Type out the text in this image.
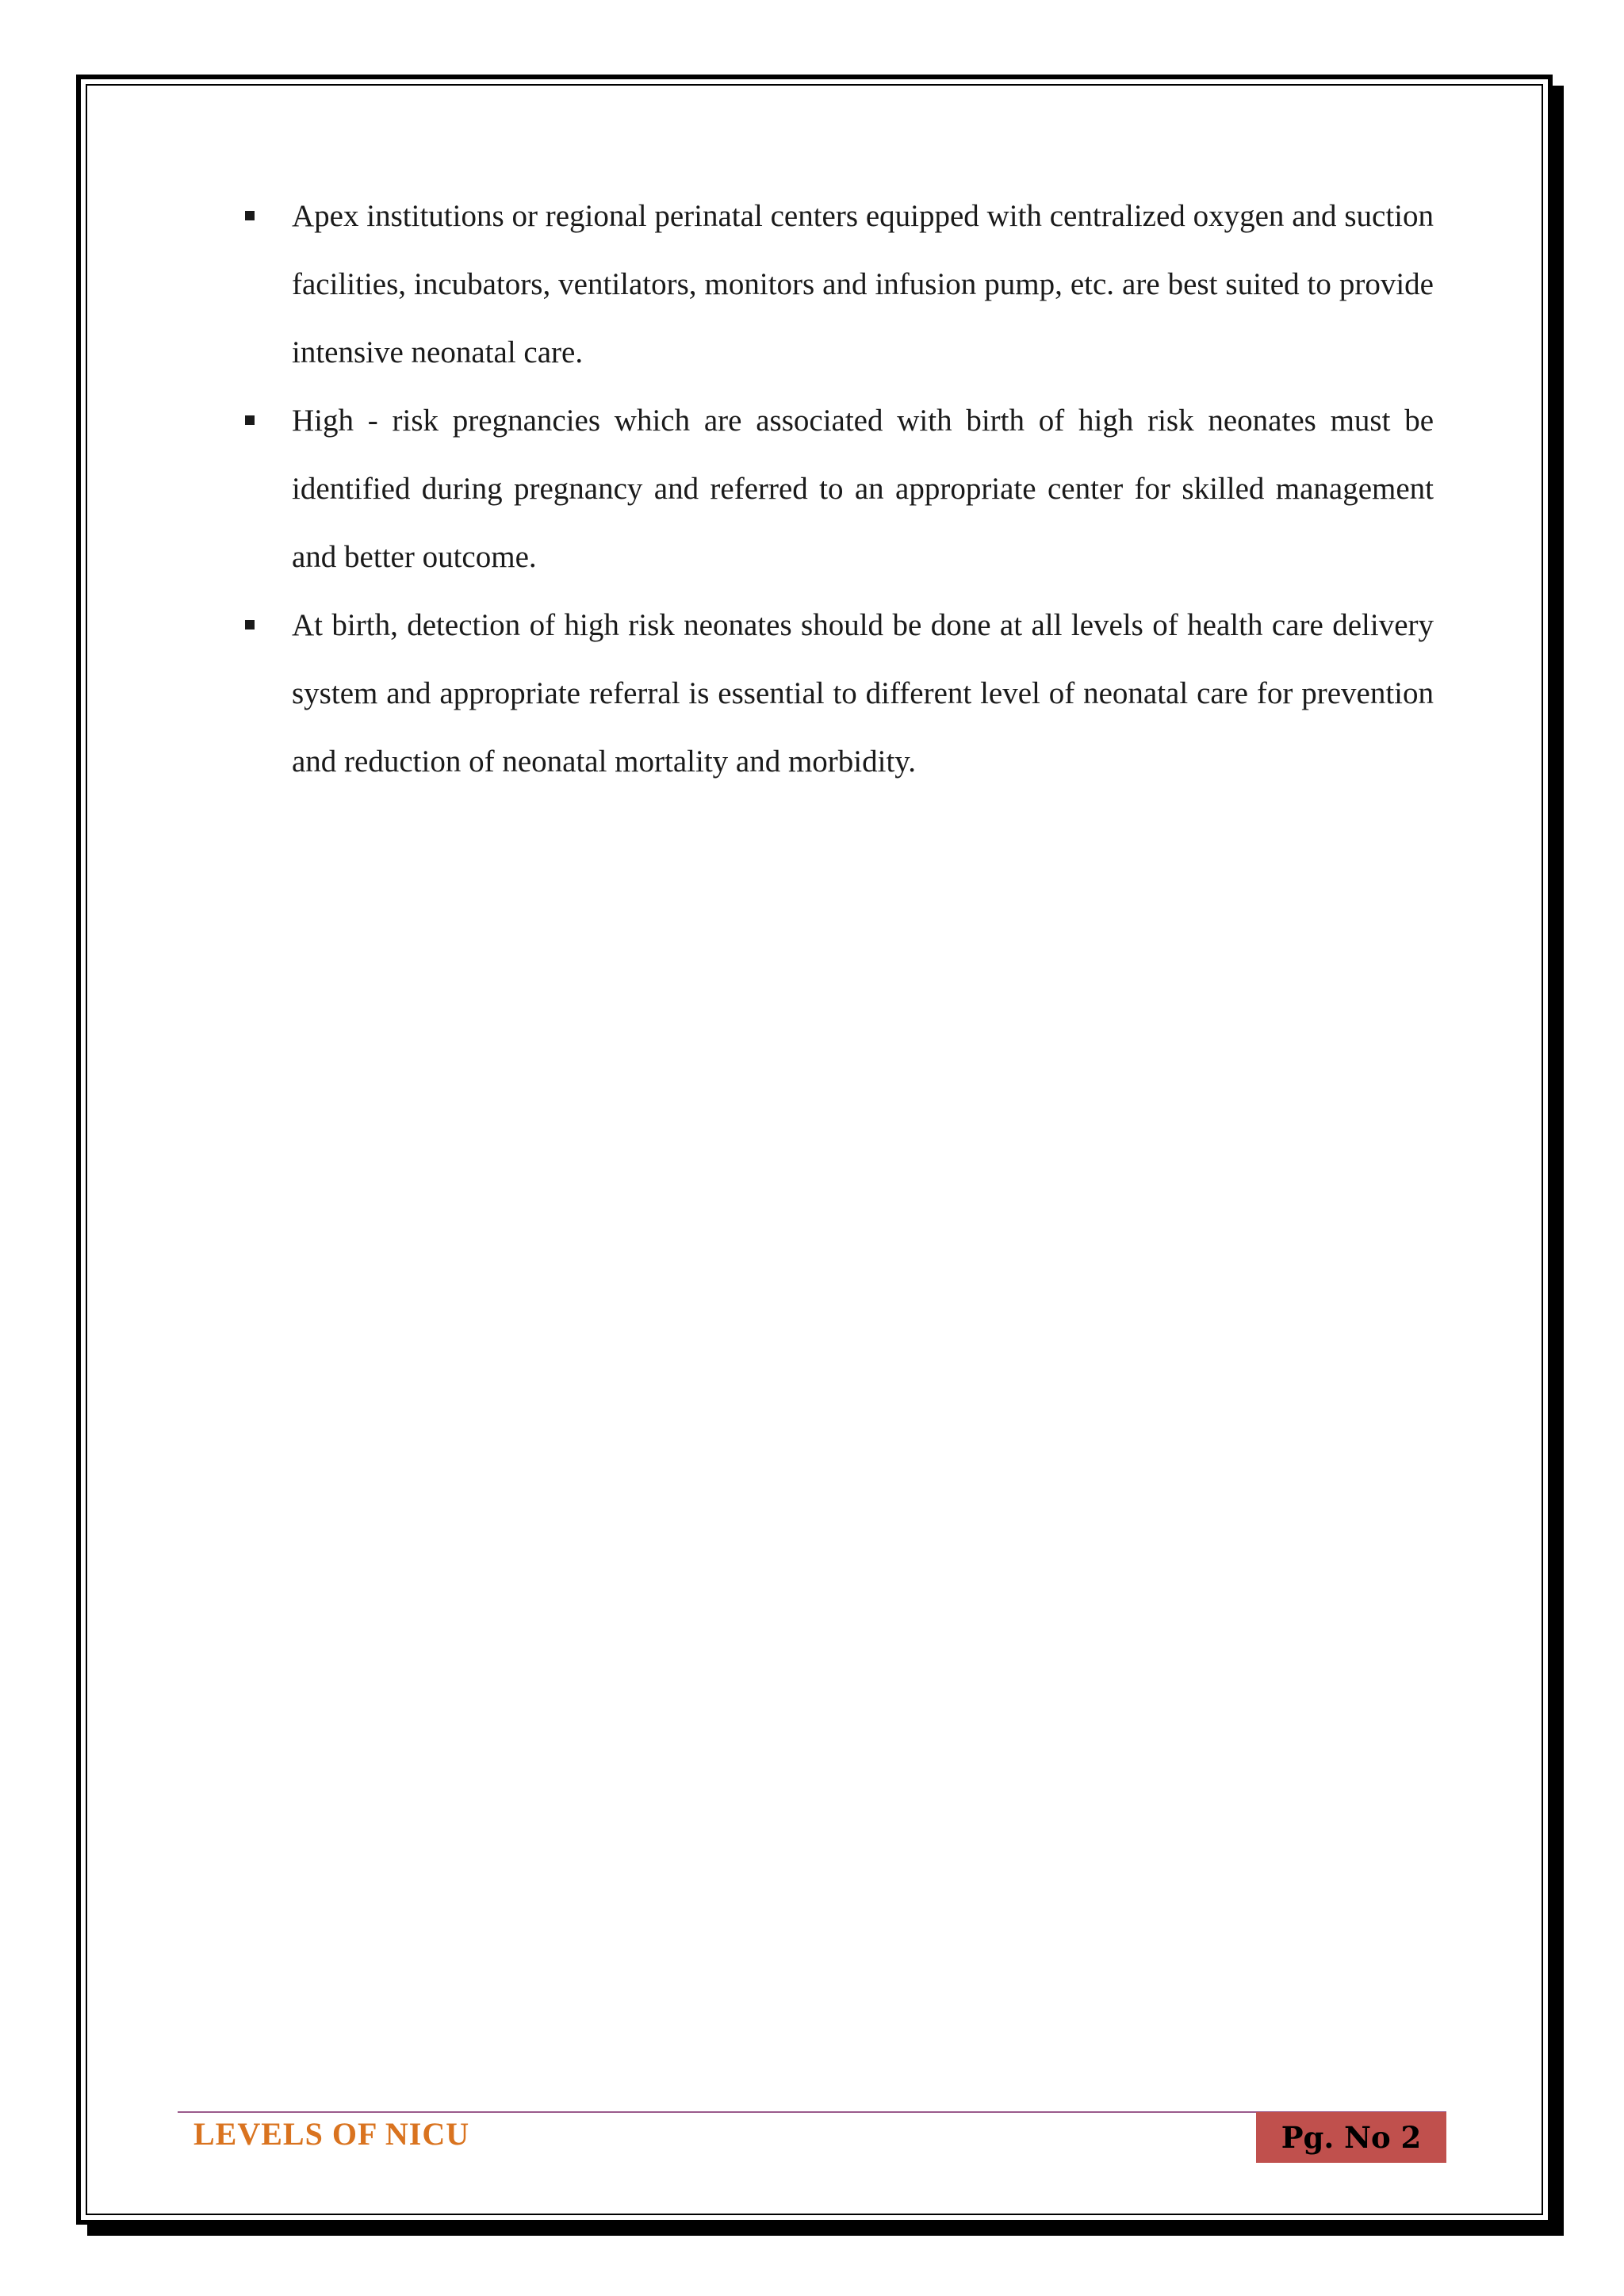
Apex institutions or regional perinatal centers equipped with centralized oxygen and suction facilities, incubators, ventilators, monitors and infusion pump, etc. are best suited to provide intensive neonatal care.
High - risk pregnancies which are associated with birth of high risk neonates must be identified during pregnancy and referred to an appropriate center for skilled management and better outcome.
At birth, detection of high risk neonates should be done at all levels of health care delivery system and appropriate referral is essential to different level of neonatal care for prevention and reduction of neonatal mortality and morbidity.
LEVELS OF NICU	Pg. No 2
